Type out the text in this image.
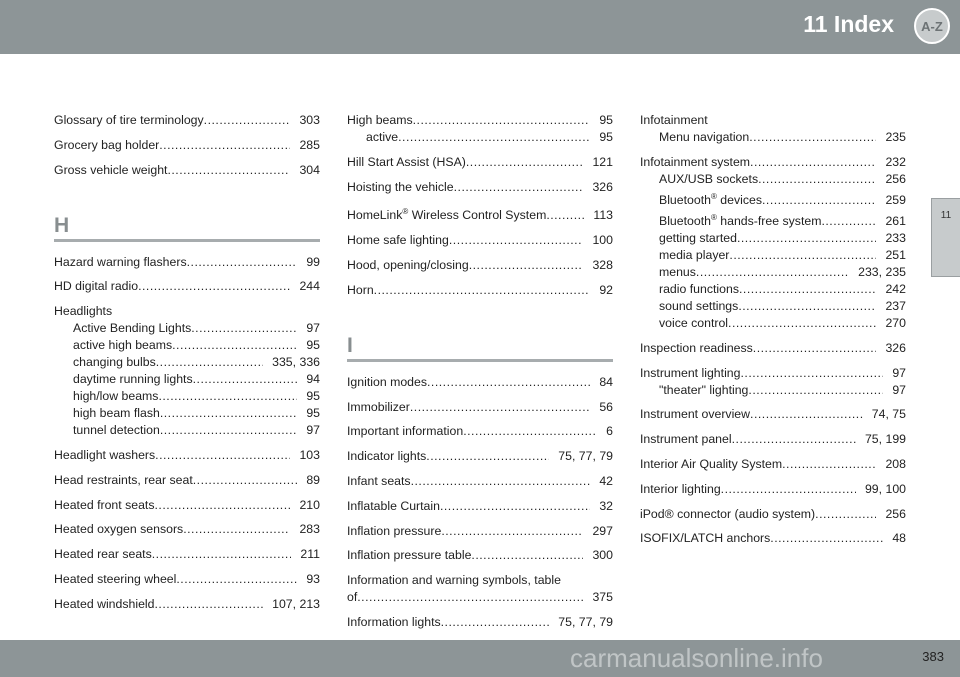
11 Index	A-Z
11
Glossary of tire terminology .....	303
Grocery bag holder .....	285
Gross vehicle weight .....	304
H
Hazard warning flashers .....	99
HD digital radio .....	244
Headlights
Active Bending Lights .....	97
active high beams .....	95
changing bulbs .....	335, 336
daytime running lights .....	94
high/low beams .....	95
high beam flash .....	95
tunnel detection .....	97
Headlight washers .....	103
Head restraints, rear seat .....	89
Heated front seats .....	210
Heated oxygen sensors .....	283
Heated rear seats .....	211
Heated steering wheel .....	93
Heated windshield .....	107, 213
High beams .....	95
active .....	95
Hill Start Assist (HSA) .....	121
Hoisting the vehicle .....	326
HomeLink® Wireless Control System .....	113
Home safe lighting .....	100
Hood, opening/closing .....	328
Horn .....	92
I
Ignition modes .....	84
Immobilizer .....	56
Important information .....	6
Indicator lights .....	75, 77, 79
Infant seats .....	42
Inflatable Curtain .....	32
Inflation pressure .....	297
Inflation pressure table .....	300
Information and warning symbols, table
of .....	375
Information lights .....	75, 77, 79
Infotainment
Menu navigation .....	235
Infotainment system .....	232
AUX/USB sockets .....	256
Bluetooth® devices .....	259
Bluetooth® hands-free system .....	261
getting started .....	233
media player .....	251
menus .....	233, 235
radio functions .....	242
sound settings .....	237
voice control .....	270
Inspection readiness .....	326
Instrument lighting .....	97
"theater" lighting .....	97
Instrument overview .....	74, 75
Instrument panel .....	75, 199
Interior Air Quality System .....	208
Interior lighting .....	99, 100
iPod® connector (audio system) .....	256
ISOFIX/LATCH anchors .....	48
383
carmanualsonline.info
